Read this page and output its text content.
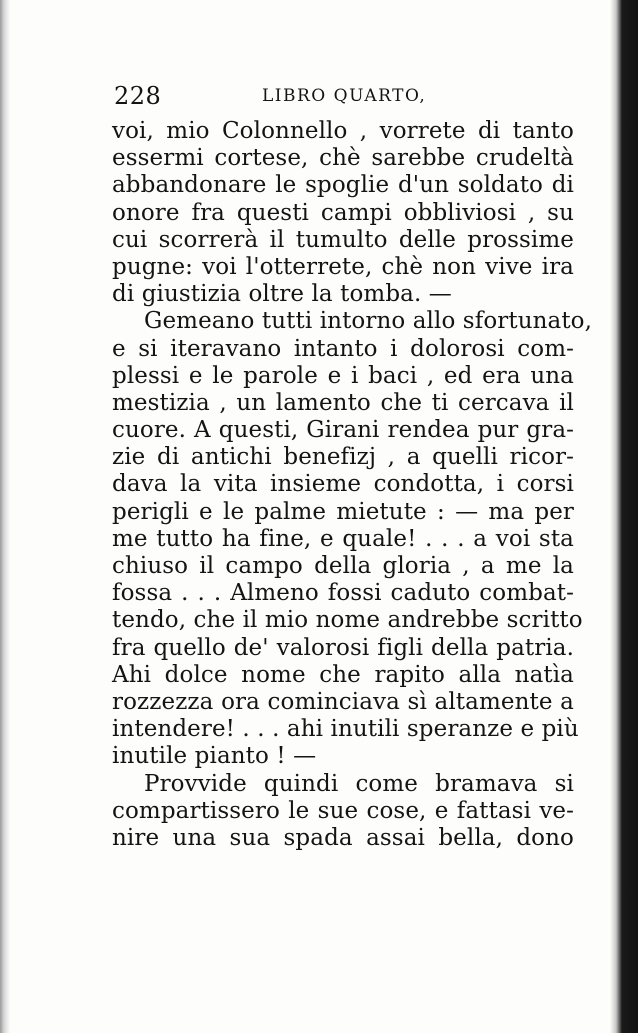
228	LIBRO QUARTO,
voi, mio Colonnello , vorrete di tanto
essermi cortese, chè sarebbe crudeltà
abbandonare le spoglie d'un soldato di
onore fra questi campi obbliviosi , su
cui scorrerà il tumulto delle prossime
pugne: voi l'otterrete, chè non vive ira
di giustizia oltre la tomba. —
Gemeano tutti intorno allo sfortunato,
e si iteravano intanto i dolorosi com-
plessi e le parole e i baci , ed era una
mestizia , un lamento che ti cercava il
cuore. A questi, Girani rendea pur gra-
zie di antichi benefizj , a quelli ricor-
dava la vita insieme condotta, i corsi
perigli e le palme mietute : — ma per
me tutto ha fine, e quale! . . . a voi sta
chiuso il campo della gloria , a me la
fossa . . . Almeno fossi caduto combat-
tendo, che il mio nome andrebbe scritto
fra quello de' valorosi figli della patria.
Ahi dolce nome che rapito alla natìa
rozzezza ora cominciava sì altamente a
intendere! . . . ahi inutili speranze e più
inutile pianto ! —
Provvide quindi come bramava si
compartissero le sue cose, e fattasi ve-
nire una sua spada assai bella, dono
